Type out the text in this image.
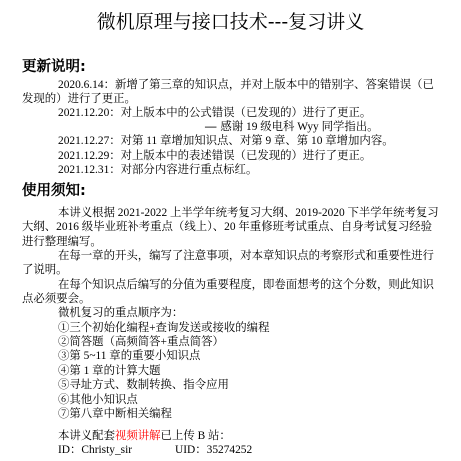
微机原理与接口技术---复习讲义
更新说明:
2020.6.14：新增了第三章的知识点，并对上版本中的错别字、答案错误（已发现的）进行了更正。
2021.12.20：对上版本中的公式错误（已发现的）进行了更正。
— 感谢 19 级电科 Wyy 同学指出。
2021.12.27：对第 11 章增加知识点、对第 9 章、第 10 章增加内容。
2021.12.29：对上版本中的表述错误（已发现的）进行了更正。
2021.12.31：对部分内容进行重点标红。
使用须知:
本讲义根据 2021-2022 上半学年统考复习大纲、2019-2020 下半学年统考复习大纲、2016 级毕业班补考重点（线上）、20 年重修班考试重点、自身考试复习经验进行整理编写。
在每一章的开头，编写了注意事项，对本章知识点的考察形式和重要性进行了说明。
在每个知识点后编写的分值为重要程度，即卷面想考的这个分数，则此知识点必须要会。
微机复习的重点顺序为：
①三个初始化编程+查询发送或接收的编程
②简答题（高频简答+重点简答）
③第 5~11 章的重要小知识点
④第 1 章的计算大题
⑤寻址方式、数制转换、指令应用
⑥其他小知识点
⑦第八章中断相关编程
本讲义配套视频讲解已上传 B 站：
ID：Christy_sir	UID：35274252
